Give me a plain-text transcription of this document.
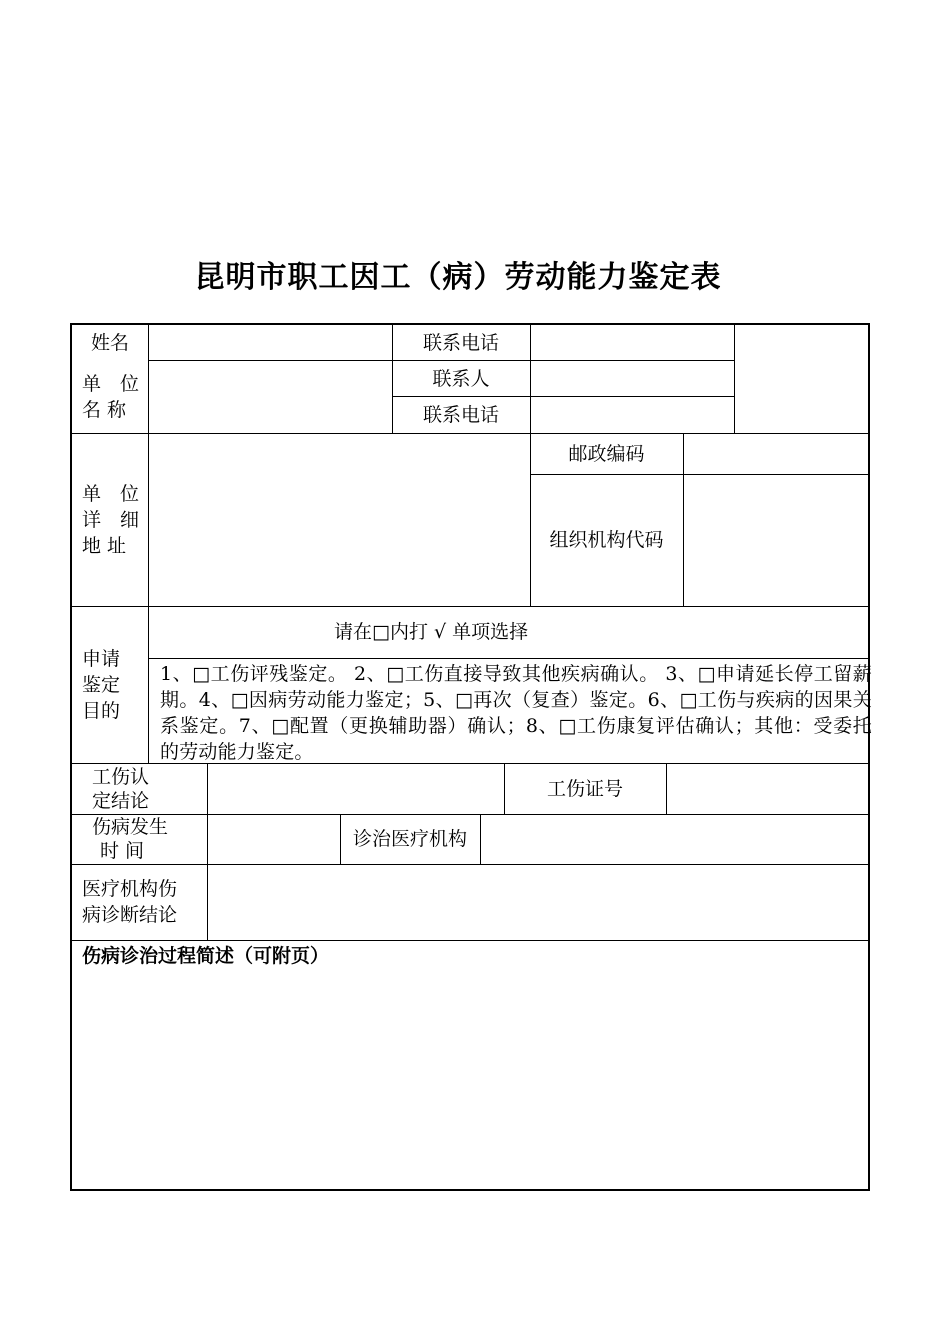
昆明市职工因工（病）劳动能力鉴定表
姓名	联系电话
单　位
名 称
联系人
联系电话
单　位
详　细
地 址
邮政编码
组织机构代码
申请
鉴定
目的
请在□内打 √ 单项选择
1、□工伤评残鉴定。 2、□工伤直接导致其他疾病确认。 3、□申请延长停工留薪期。4、□因病劳动能力鉴定；5、□再次（复查）鉴定。6、□工伤与疾病的因果关系鉴定。7、□配置（更换辅助器）确认；8、□工伤康复评估确认；其他：受委托的劳动能力鉴定。
工伤认
定结论
工伤证号
伤病发生
时 间
诊治医疗机构
医疗机构伤
病诊断结论
伤病诊治过程简述（可附页）
